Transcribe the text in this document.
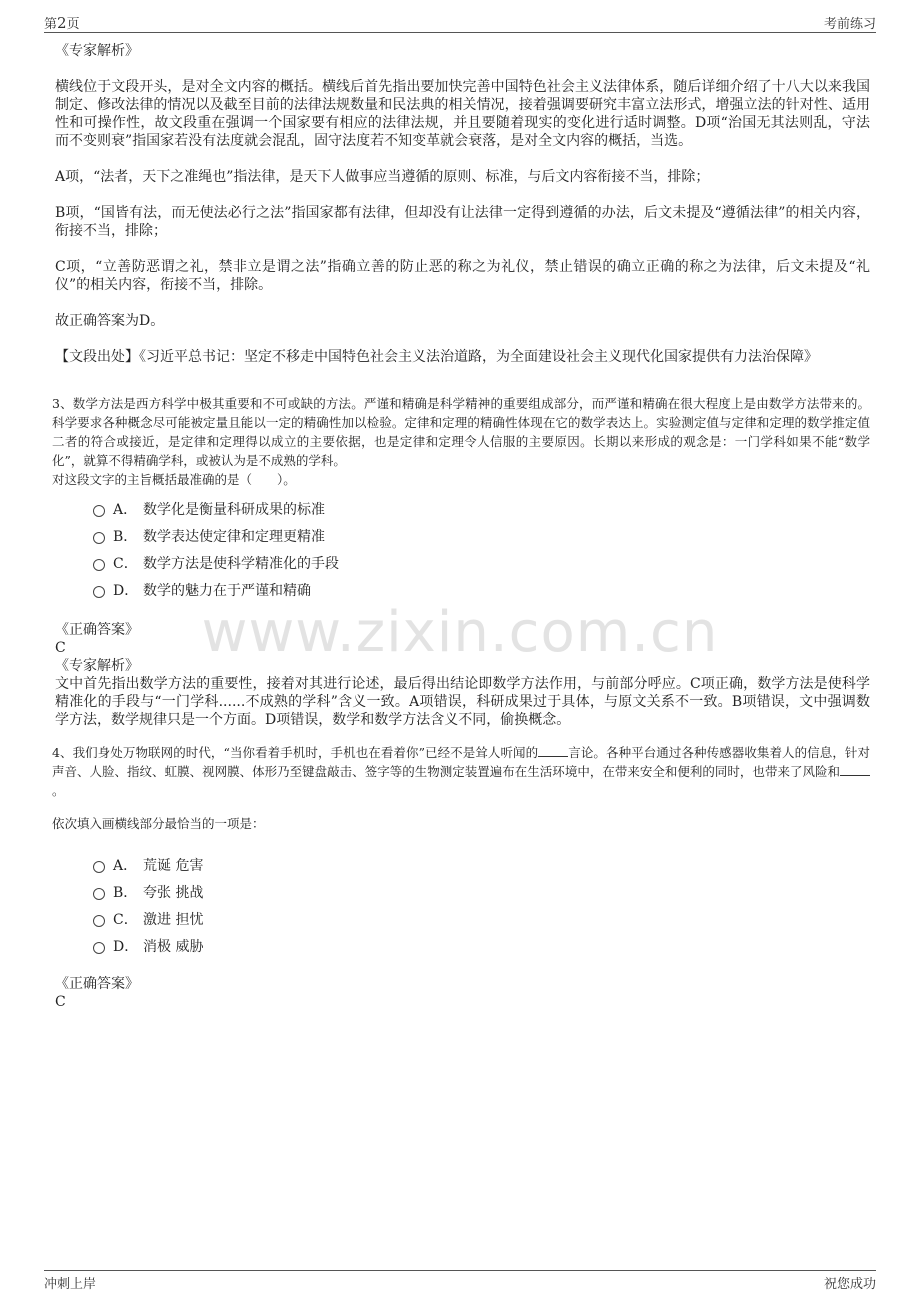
第2页	考前练习
www.zixin.com.cn

《专家解析》

横线位于文段开头，是对全文内容的概括。横线后首先指出要加快完善中国特色社会主义法律体系，随后详细介绍了十八大以来我国制定、修改法律的情况以及截至目前的法律法规数量和民法典的相关情况，接着强调要研究丰富立法形式，增强立法的针对性、适用性和可操作性，故文段重在强调一个国家要有相应的法律法规，并且要随着现实的变化进行适时调整。D项“治国无其法则乱，守法而不变则衰”指国家若没有法度就会混乱，固守法度若不知变革就会衰落，是对全文内容的概括，当选。

A项，“法者，天下之准绳也”指法律，是天下人做事应当遵循的原则、标准，与后文内容衔接不当，排除；

B项，“国皆有法，而无使法必行之法”指国家都有法律，但却没有让法律一定得到遵循的办法，后文未提及“遵循法律”的相关内容，衔接不当，排除；

C项，“立善防恶谓之礼，禁非立是谓之法”指确立善的防止恶的称之为礼仪，禁止错误的确立正确的称之为法律，后文未提及“礼仪”的相关内容，衔接不当，排除。

故正确答案为D。

【文段出处】《习近平总书记：坚定不移走中国特色社会主义法治道路，为全面建设社会主义现代化国家提供有力法治保障》

3、数学方法是西方科学中极其重要和不可或缺的方法。严谨和精确是科学精神的重要组成部分，而严谨和精确在很大程度上是由数学方法带来的。科学要求各种概念尽可能被定量且能以一定的精确性加以检验。定律和定理的精确性体现在它的数学表达上。实验测定值与定律和定理的数学推定值二者的符合或接近，是定律和定理得以成立的主要依据，也是定律和定理令人信服的主要原因。长期以来形成的观念是：一门学科如果不能“数学化”，就算不得精确学科，或被认为是不成熟的学科。

对这段文字的主旨概括最准确的是（　　）。

A． 数学化是衡量科研成果的标准
B． 数学表达使定律和定理更精准
C． 数学方法是使科学精准化的手段
D． 数学的魅力在于严谨和精确

《正确答案》

C

《专家解析》

文中首先指出数学方法的重要性，接着对其进行论述，最后得出结论即数学方法作用，与前部分呼应。C项正确，数学方法是使科学精准化的手段与“一门学科......不成熟的学科”含义一致。A项错误，科研成果过于具体，与原文关系不一致。B项错误，文中强调数学方法，数学规律只是一个方面。D项错误，数学和数学方法含义不同，偷换概念。

4、我们身处万物联网的时代，“当你看着手机时，手机也在看着你”已经不是耸人听闻的 言论。各种平台通过各种传感器收集着人的信息，针对声音、人脸、指纹、虹膜、视网膜、体形乃至键盘敲击、签字等的生物测定装置遍布在生活环境中，在带来安全和便利的同时，也带来了风险和。

依次填入画横线部分最恰当的一项是：

A． 荒诞 危害
B． 夸张 挑战
C． 激进 担忧
D． 消极 威胁

《正确答案》

C

冲刺上岸	祝您成功
